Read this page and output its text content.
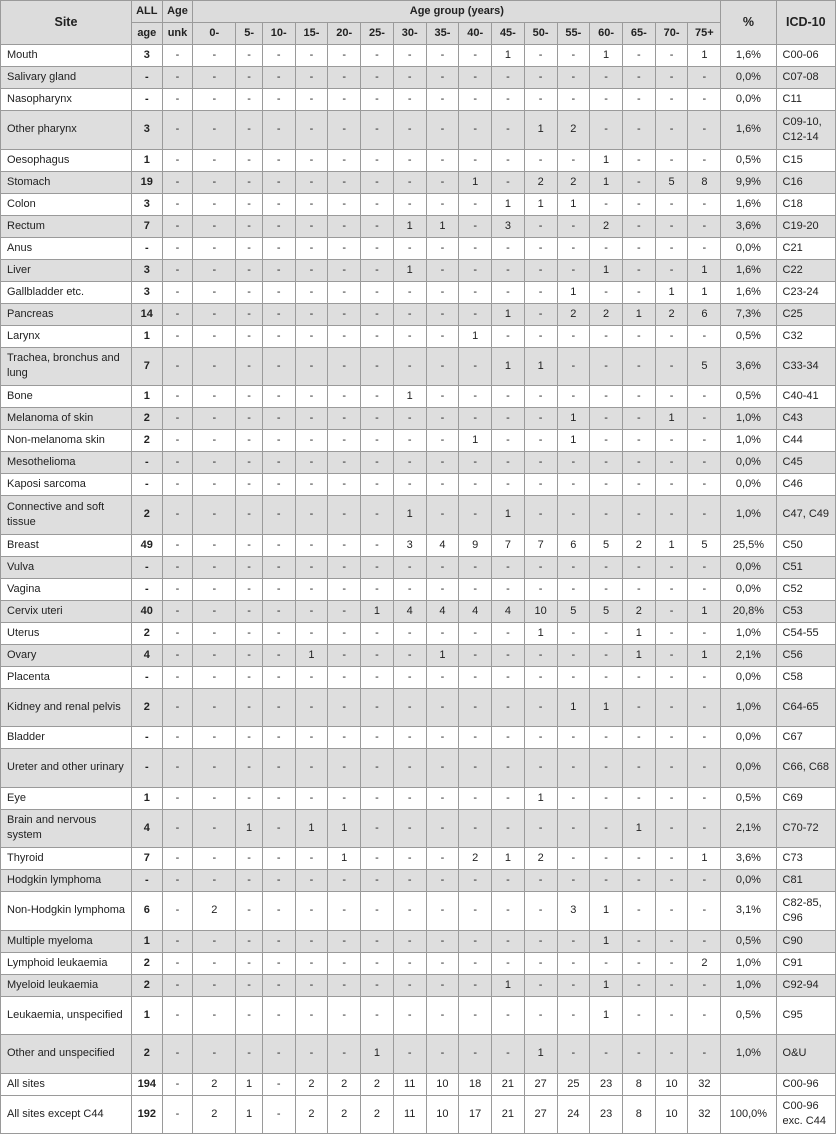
Site	ALL	Age	Age group (years)																%	ICD-10
	age	unk	0-	5-	10-	15-	20-	25-	30-	35-	40-	45-	50-	55-	60-	65-	70-	75+		
Mouth	3	-	-	-	-	-	-	-	-	-	-	1	-	-	1	-	-	1	1,6%	C00-06
Salivary gland	-	-	-	-	-	-	-	-	-	-	-	-	-	-	-	-	-	-	0,0%	C07-08
Nasopharynx	-	-	-	-	-	-	-	-	-	-	-	-	-	-	-	-	-	-	0,0%	C11
Other pharynx	3	-	-	-	-	-	-	-	-	-	-	-	1	2	-	-	-	-	1,6%	C09-10, C12-14
Oesophagus	1	-	-	-	-	-	-	-	-	-	-	-	-	-	1	-	-	-	0,5%	C15
Stomach	19	-	-	-	-	-	-	-	-	-	1	-	2	2	1	-	5	8	9,9%	C16
Colon	3	-	-	-	-	-	-	-	-	-	-	1	1	1	-	-	-	-	1,6%	C18
Rectum	7	-	-	-	-	-	-	-	1	1	-	3	-	-	2	-	-	-	3,6%	C19-20
Anus	-	-	-	-	-	-	-	-	-	-	-	-	-	-	-	-	-	-	0,0%	C21
Liver	3	-	-	-	-	-	-	-	1	-	-	-	-	-	1	-	-	1	1,6%	C22
Gallbladder etc.	3	-	-	-	-	-	-	-	-	-	-	-	-	1	-	-	1	1	1,6%	C23-24
Pancreas	14	-	-	-	-	-	-	-	-	-	-	1	-	2	2	1	2	6	7,3%	C25
Larynx	1	-	-	-	-	-	-	-	-	-	1	-	-	-	-	-	-	-	0,5%	C32
Trachea, bronchus and lung	7	-	-	-	-	-	-	-	-	-	-	1	1	-	-	-	-	5	3,6%	C33-34
Bone	1	-	-	-	-	-	-	-	1	-	-	-	-	-	-	-	-	-	0,5%	C40-41
Melanoma of skin	2	-	-	-	-	-	-	-	-	-	-	-	-	1	-	-	1	-	1,0%	C43
Non-melanoma skin	2	-	-	-	-	-	-	-	-	-	1	-	-	1	-	-	-	-	1,0%	C44
Mesothelioma	-	-	-	-	-	-	-	-	-	-	-	-	-	-	-	-	-	-	0,0%	C45
Kaposi sarcoma	-	-	-	-	-	-	-	-	-	-	-	-	-	-	-	-	-	-	0,0%	C46
Connective and soft tissue	2	-	-	-	-	-	-	-	1	-	-	1	-	-	-	-	-	-	1,0%	C47, C49
Breast	49	-	-	-	-	-	-	-	3	4	9	7	7	6	5	2	1	5	25,5%	C50
Vulva	-	-	-	-	-	-	-	-	-	-	-	-	-	-	-	-	-	-	0,0%	C51
Vagina	-	-	-	-	-	-	-	-	-	-	-	-	-	-	-	-	-	-	0,0%	C52
Cervix uteri	40	-	-	-	-	-	-	1	4	4	4	4	10	5	5	2	-	1	20,8%	C53
Uterus	2	-	-	-	-	-	-	-	-	-	-	-	1	-	-	1	-	-	1,0%	C54-55
Ovary	4	-	-	-	-	1	-	-	-	1	-	-	-	-	-	1	-	1	2,1%	C56
Placenta	-	-	-	-	-	-	-	-	-	-	-	-	-	-	-	-	-	-	0,0%	C58
Kidney and renal pelvis	2	-	-	-	-	-	-	-	-	-	-	-	-	1	1	-	-	-	1,0%	C64-65
Bladder	-	-	-	-	-	-	-	-	-	-	-	-	-	-	-	-	-	-	0,0%	C67
Ureter and other urinary	-	-	-	-	-	-	-	-	-	-	-	-	-	-	-	-	-	-	0,0%	C66, C68
Eye	1	-	-	-	-	-	-	-	-	-	-	-	1	-	-	-	-	-	0,5%	C69
Brain and nervous system	4	-	-	1	-	1	1	-	-	-	-	-	-	-	-	1	-	-	2,1%	C70-72
Thyroid	7	-	-	-	-	-	1	-	-	-	2	1	2	-	-	-	-	1	3,6%	C73
Hodgkin lymphoma	-	-	-	-	-	-	-	-	-	-	-	-	-	-	-	-	-	-	0,0%	C81
Non-Hodgkin lymphoma	6	-	2	-	-	-	-	-	-	-	-	-	-	3	1	-	-	-	3,1%	C82-85, C96
Multiple myeloma	1	-	-	-	-	-	-	-	-	-	-	-	-	-	1	-	-	-	0,5%	C90
Lymphoid leukaemia	2	-	-	-	-	-	-	-	-	-	-	-	-	-	-	-	-	2	1,0%	C91
Myeloid leukaemia	2	-	-	-	-	-	-	-	-	-	-	1	-	-	1	-	-	-	1,0%	C92-94
Leukaemia, unspecified	1	-	-	-	-	-	-	-	-	-	-	-	-	-	1	-	-	-	0,5%	C95
Other and unspecified	2	-	-	-	-	-	-	1	-	-	-	-	1	-	-	-	-	-	1,0%	O&U
All sites	194	-	2	1	-	2	2	2	11	10	18	21	27	25	23	8	10	32		C00-96
All sites except C44	192	-	2	1	-	2	2	2	11	10	17	21	27	24	23	8	10	32	100,0%	C00-96 exc. C44
